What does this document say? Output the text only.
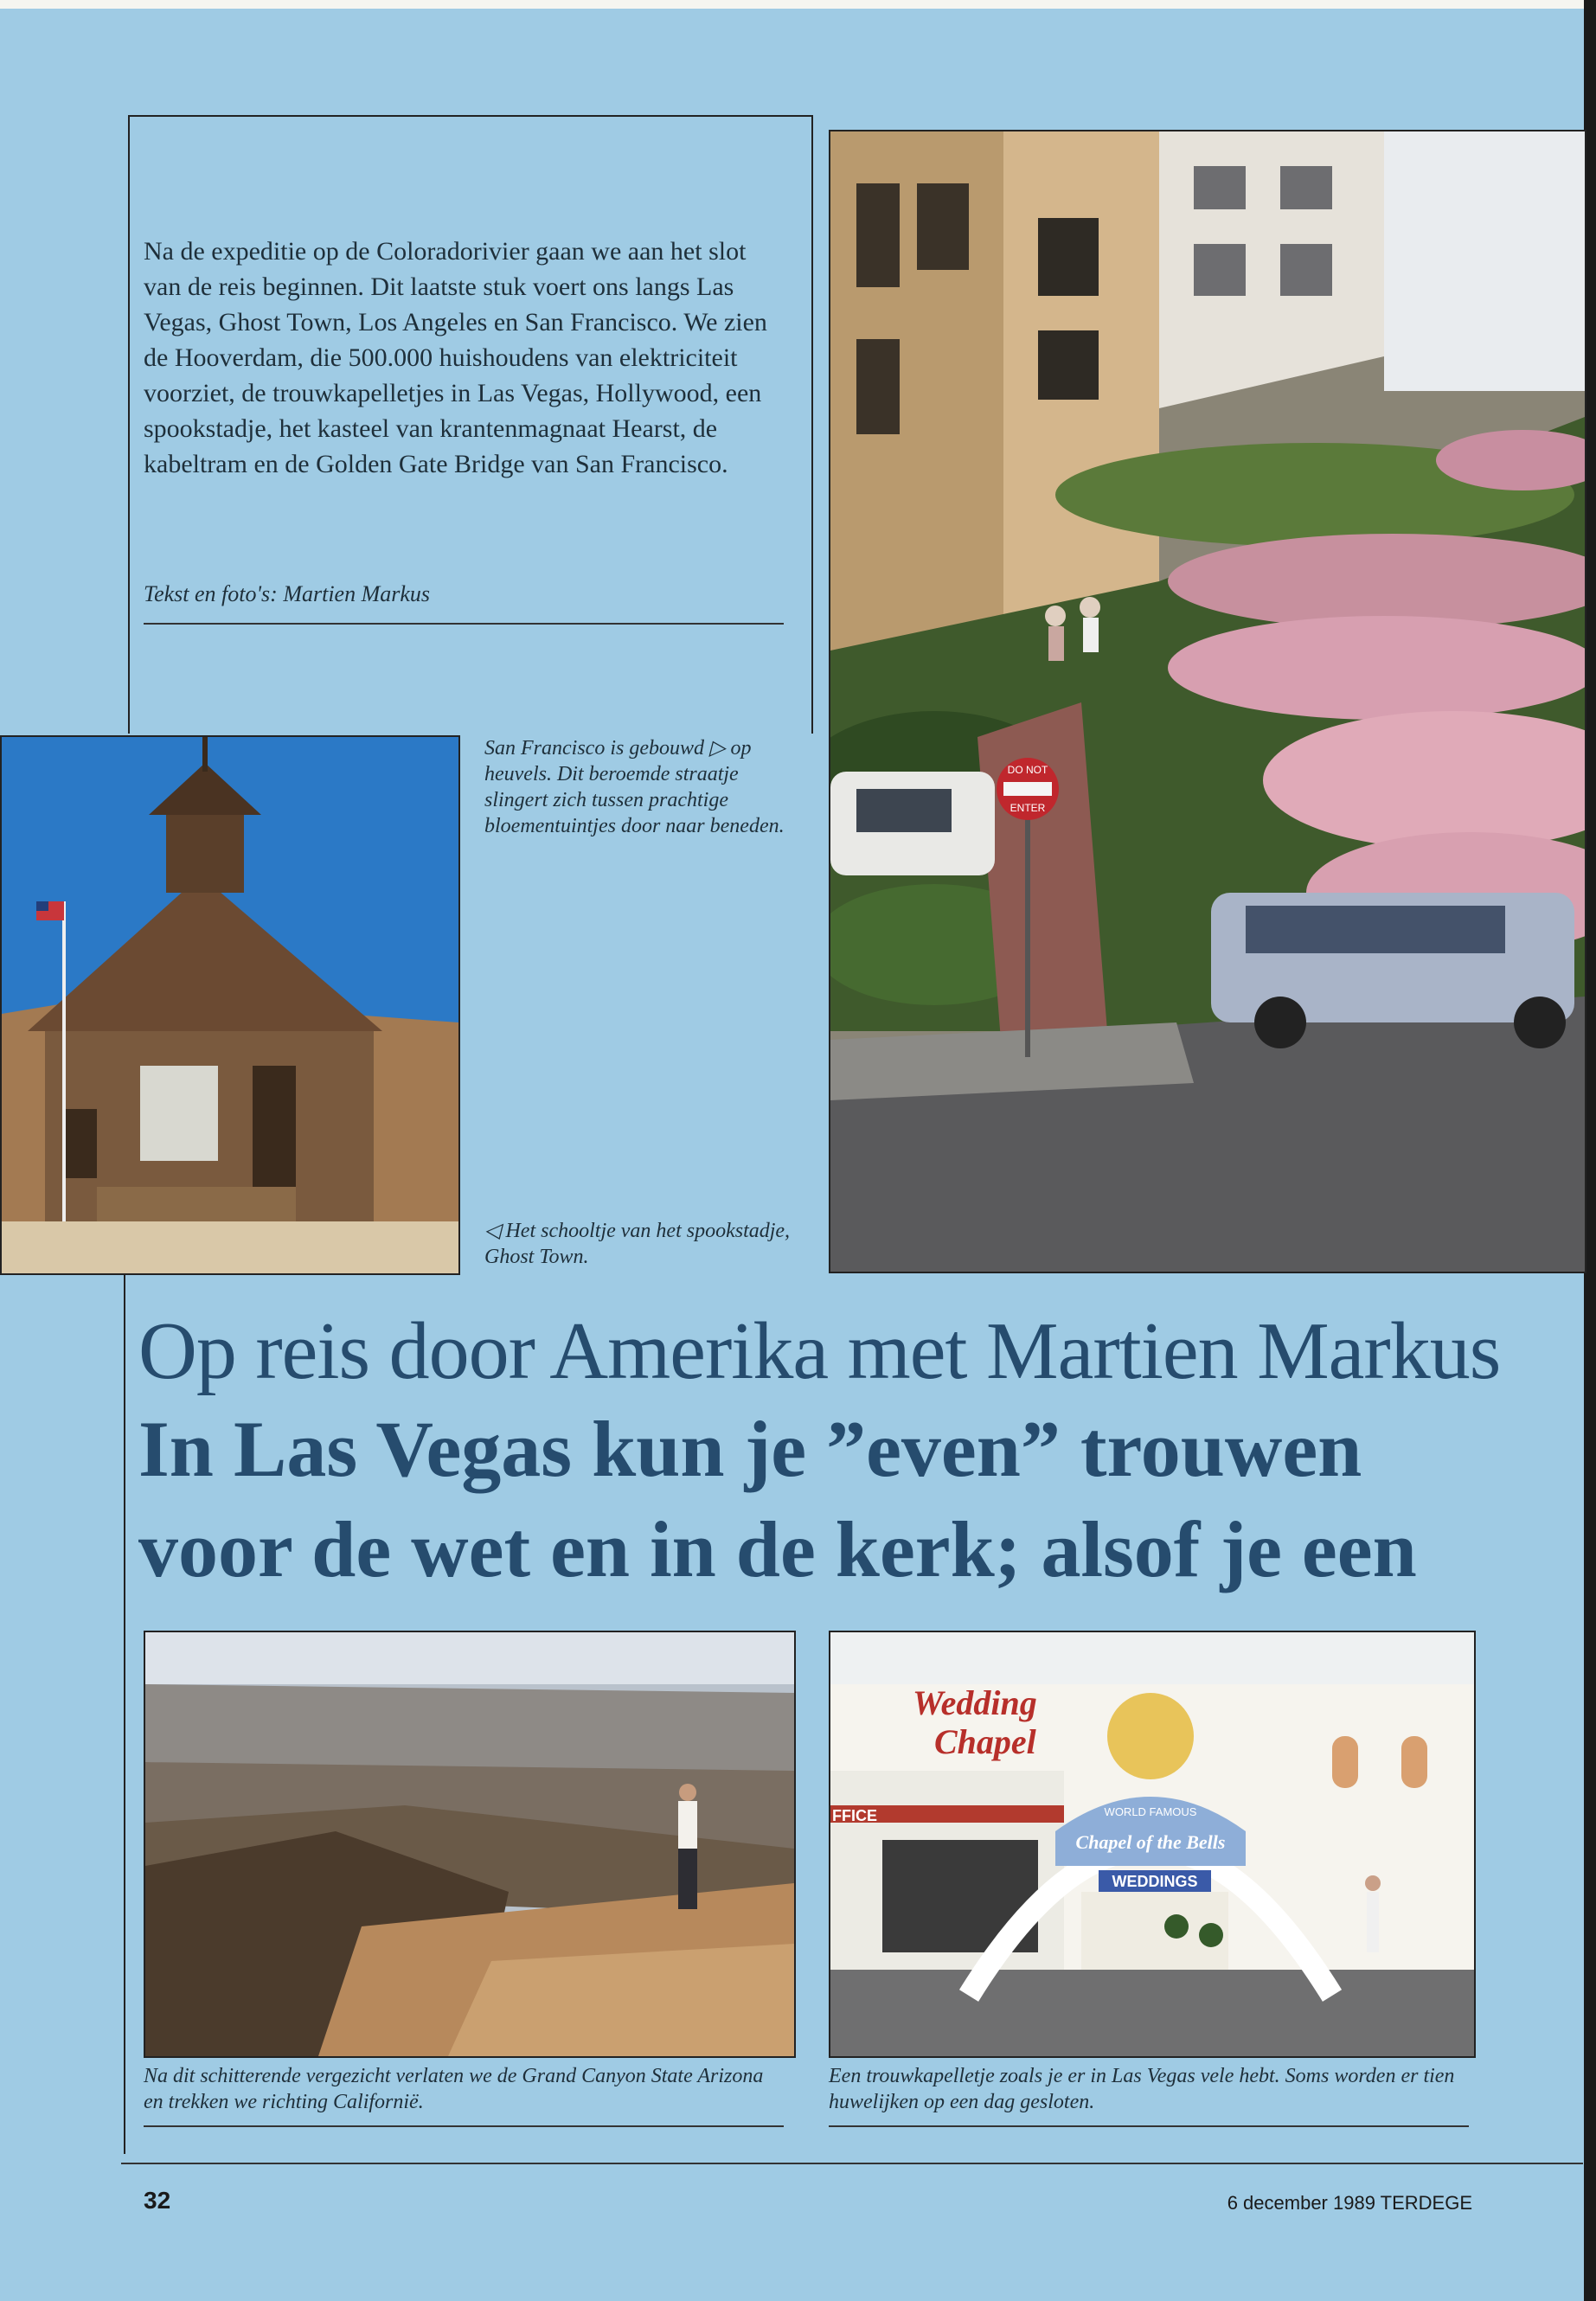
Na de expeditie op de Coloradorivier gaan we aan het slot van de reis beginnen. Dit laatste stuk voert ons langs Las Vegas, Ghost Town, Los Angeles en San Francisco. We zien de Hooverdam, die 500.000 huishoudens van elektriciteit voorziet, de trouwkapelletjes in Las Vegas, Hollywood, een spookstadje, het kasteel van krantenmagnaat Hearst, de kabeltram en de Golden Gate Bridge van San Francisco.
Tekst en foto's: Martien Markus
DO NOT
ENTER
San Francisco is gebouwd ▷ op heuvels. Dit beroemde straatje slingert zich tussen prachtige bloementuintjes door naar beneden.
◁ Het schooltje van het spookstadje, Ghost Town.
Op reis door Amerika met Martien Markus
In Las Vegas kun je ”even” trouwen
voor de wet en in de kerk; alsof je een
Wedding
Chapel
WORLD FAMOUS
Chapel of the Bells
WEDDINGS
FFICE
Na dit schitterende vergezicht verlaten we de Grand Canyon State Arizona en trekken we richting Californië.
Een trouwkapelletje zoals je er in Las Vegas vele hebt. Soms worden er tien huwelijken op een dag gesloten.
32	6 december 1989 TERDEGE
